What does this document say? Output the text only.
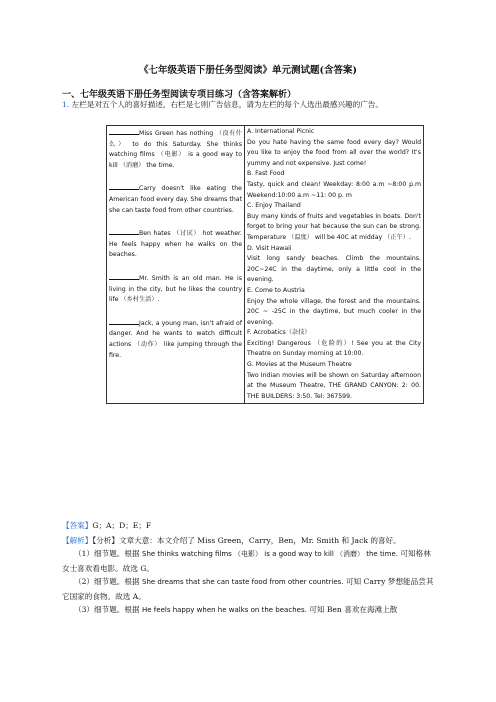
《七年级英语下册任务型阅读》单元测试题(含答案)
一、七年级英语下册任务型阅读专项目练习（含答案解析）
1. 左栏是对五个人的喜好描述，右栏是七则广告信息，请为左栏的每个人选出最感兴趣的广告。
Miss Green has nothing （没有什么） to do this Saturday. She thinks watching films （电影） is a good way to kill （消磨） the time.
Carry doesn't like eating the American food every day. She dreams that she can taste food from other countries.
Ben hates （讨厌） hot weather. He feels happy when he walks on the beaches.
Mr. Smith is an old man. He is living in the city, but he likes the country life （乡村生活）.
Jack, a young man, isn't afraid of danger. And he wants to watch difficult actions （动作） like jumping through the fire.

A. International Picnic
Do you hate having the same food every day? Would you like to enjoy the food from all over the world? It's yummy and not expensive. Just come!
B. Fast Food
Tasty, quick and clean! Weekday: 8:00 a.m ~8:00 p.m Weekend:10:00 a.m ~11: 00 p. m
C. Enjoy Thailand
Buy many kinds of fruits and vegetables in boats. Don't forget to bring your hat because the sun can be strong. Temperature （温度） will be 40C at midday （正午）.
D. Visit Hawaii
Visit long sandy beaches. Climb the mountains. 20C~24C in the daytime, only a little cool in the evening.
E. Come to Austria
Enjoy the whole village, the forest and the mountains. 20C ~ -25C in the daytime, but much cooler in the evening.
F. Acrobatics（杂技）
Exciting! Dangerous （危险的）! See you at the City Theatre on Sunday morning at 10:00.
G. Movies at the Museum Theatre
Two Indian movies will be shown on Saturday afternoon at the Museum Theatre, THE GRAND CANYON: 2: 00. THE BUILDERS: 3:50. Tel: 367599.
【答案】G；A；D；E；F

【解析】【分析】文章大意：本文介绍了 Miss Green，Carry，Ben，Mr. Smith 和 Jack 的喜好。

（1）细节题。根据 She thinks watching films （电影） is a good way to kill （消磨） the time. 可知格林女士喜欢看电影。故选 G。

（2）细节题。根据 She dreams that she can taste food from other countries. 可知 Carry 梦想能品尝其它国家的食物。故选 A。

（3）细节题。根据 He feels happy when he walks on the beaches. 可知 Ben 喜欢在海滩上散
